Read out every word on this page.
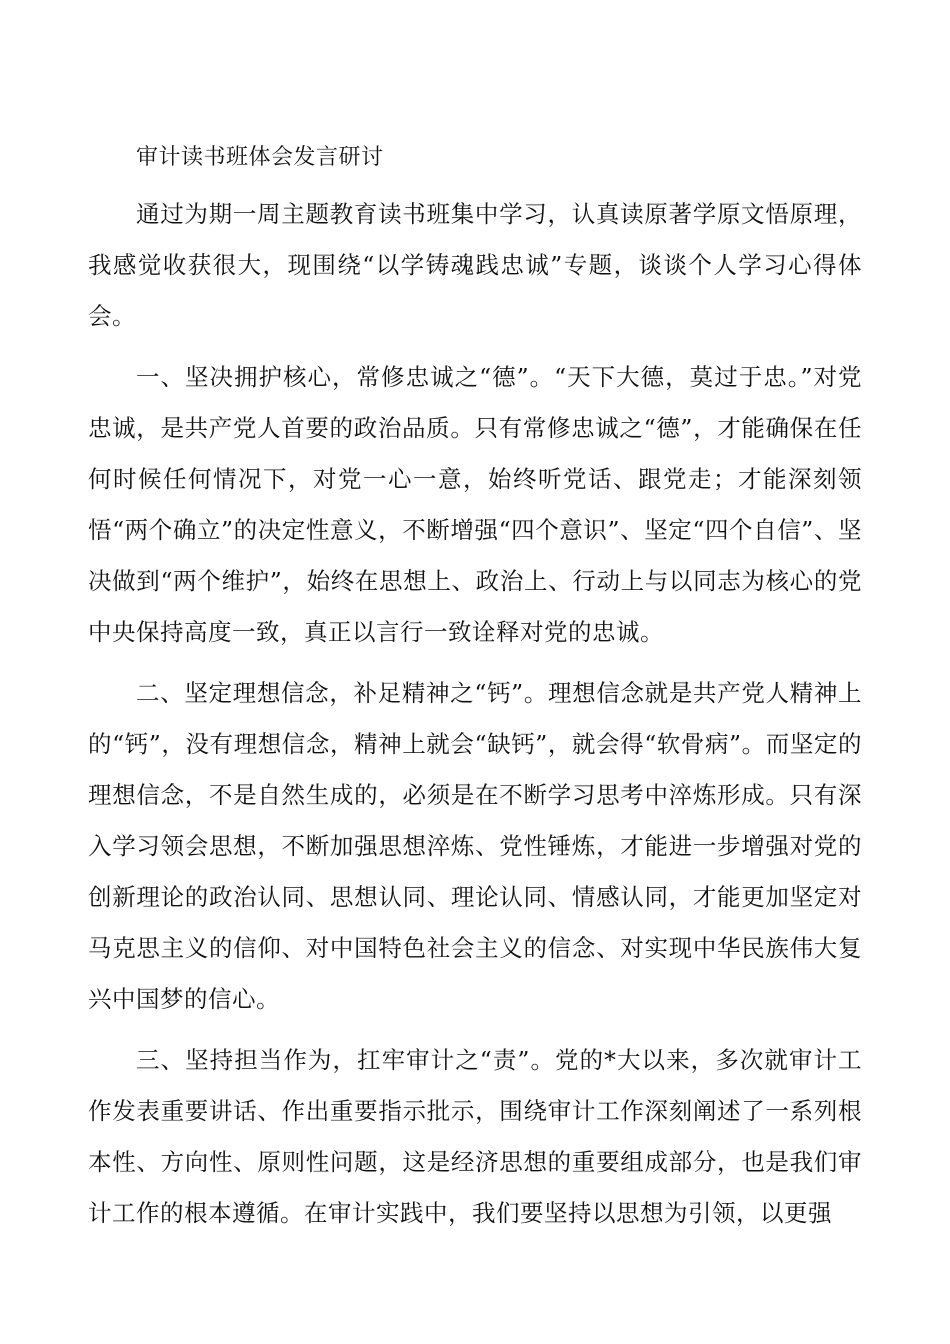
审计读书班体会发言研讨

通过为期一周主题教育读书班集中学习，认真读原著学原文悟原理，我感觉收获很大，现围绕“以学铸魂践忠诚”专题，谈谈个人学习心得体会。

一、坚决拥护核心，常修忠诚之“德”。“天下大德，莫过于忠。”对党忠诚，是共产党人首要的政治品质。只有常修忠诚之“德”，才能确保在任何时候任何情况下，对党一心一意，始终听党话、跟党走；才能深刻领悟“两个确立”的决定性意义，不断增强“四个意识”、坚定“四个自信”、坚决做到“两个维护”，始终在思想上、政治上、行动上与以同志为核心的党中央保持高度一致，真正以言行一致诠释对党的忠诚。

二、坚定理想信念，补足精神之“钙”。理想信念就是共产党人精神上的“钙”，没有理想信念，精神上就会“缺钙”，就会得“软骨病”。而坚定的理想信念，不是自然生成的，必须是在不断学习思考中淬炼形成。只有深入学习领会思想，不断加强思想淬炼、党性锤炼，才能进一步增强对党的创新理论的政治认同、思想认同、理论认同、情感认同，才能更加坚定对马克思主义的信仰、对中国特色社会主义的信念、对实现中华民族伟大复兴中国梦的信心。

三、坚持担当作为，扛牢审计之“责”。党的*大以来，多次就审计工作发表重要讲话、作出重要指示批示，围绕审计工作深刻阐述了一系列根本性、方向性、原则性问题，这是经济思想的重要组成部分，也是我们审计工作的根本遵循。在审计实践中，我们要坚持以思想为引领，以更强
